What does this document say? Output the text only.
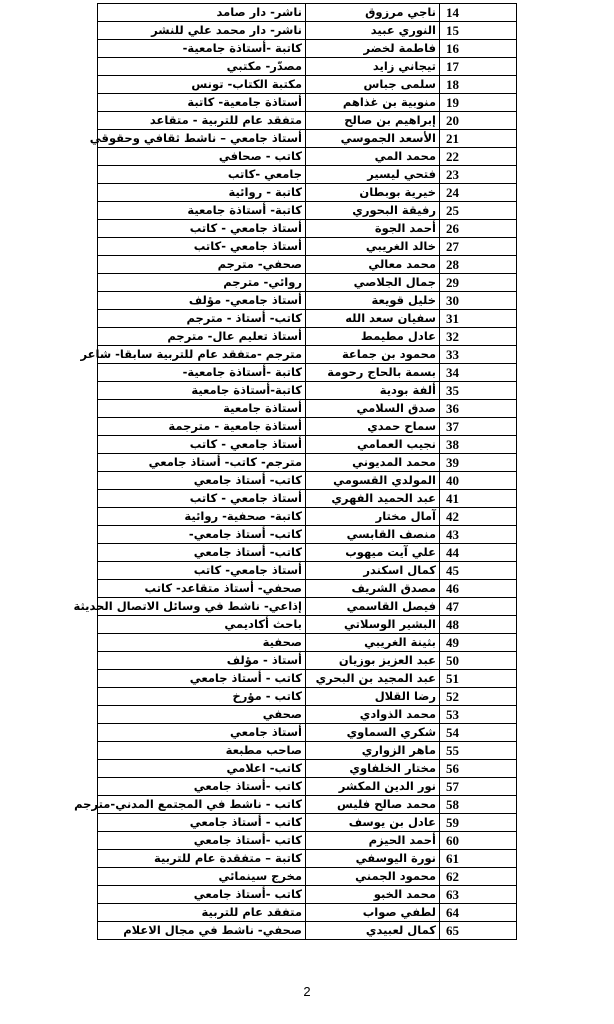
ناشر- دار صامد	ناجي مرزوق	14
ناشر- دار محمد علي للنشر	النوري عبيد	15
كاتبة -أستاذة جامعية-	فاطمة لخضر	16
مصدّر- مكتبي	تيجاني زايد	17
مكتبة الكتاب- تونس	سلمى جباس	18
أستاذة جامعية- كاتبة	منوبية بن غذاهم	19
متفقد عام للتربية - متقاعد	إبراهيم بن صالح	20
أستاذ جامعي – ناشط ثقافي وحقوقي	الأسعد الجموسي	21
كاتب - صحافي	محمد المي	22
جامعي -كاتب	فتحي ليسير	23
كاتبة - روائية	خيرية بوبطان	24
كاتبة- أستاذة جامعية	رفيقة البحوري	25
أستاذ جامعي - كاتب	أحمد الجوة	26
أستاذ جامعي -كاتب	خالد الغريبي	27
صحفي- مترجم	محمد معالي	28
روائي- مترجم	جمال الجلاصي	29
أستاذ جامعي- مؤلف	خليل قويعة	30
كاتب- أستاذ - مترجم	سفيان سعد الله	31
أستاذ تعليم عال- مترجم	عادل مطيمط	32
مترجم -متفقد عام للتربية سابقا- شاعر	محمود بن جماعة	33
كاتبة -أستاذة جامعية-	بسمة بالحاج رحومة	34
كاتبة-أستاذة جامعية	ألفة بودية	35
أستاذة جامعية	صدق السلامي	36
أستاذة جامعية - مترجمة	سماح حمدي	37
أستاذ جامعي - كاتب	نجيب العمامي	38
مترجم- كاتب- أستاذ جامعي	محمد المديوني	39
كاتب- أستاذ جامعي	المولدي القسومي	40
أستاذ جامعي - كاتب	عبد الحميد الفهري	41
كاتبة- صحفية- روائية	آمال مختار	42
كاتب- أستاذ جامعي-	منصف القابسي	43
كاتب- أستاذ جامعي	علي آيت ميهوب	44
أستاذ جامعي- كاتب	كمال اسكندر	45
صحفي- أستاذ متقاعد- كاتب	مصدق الشريف	46
إذاعي- ناشط في وسائل الاتصال الحديثة	فيصل القاسمي	47
باحث أكاديمي	البشير الوسلاتي	48
صحفية	بثينة الغريبي	49
أستاذ - مؤلف	عبد العزيز بوزيان	50
كاتب - أستاذ جامعي	عبد المجيد بن البحري	51
كاتب - مؤرخ	رضا القلال	52
صحفي	محمد الذوادي	53
أستاذ جامعي	شكري السماوي	54
صاحب مطبعة	ماهر الزواري	55
كاتب- اعلامي	مختار الخلفاوي	56
كاتب -أستاذ جامعي	نور الدين المكشر	57
كاتب - ناشط في المجتمع المدني-مترجم	محمد صالح فليس	58
كاتب - أستاذ جامعي	عادل بن يوسف	59
كاتب -أستاذ جامعي	أحمد الحيزم	60
كاتبة – متفقدة عام للتربية	نورة اليوسفي	61
مخرج سينمائي	محمود الجمني	62
كاتب -أستاذ جامعي	محمد الخبو	63
متفقد عام للتربية	لطفي صواب	64
صحفي- ناشط في مجال الاعلام	كمال لعبيدي	65
2
